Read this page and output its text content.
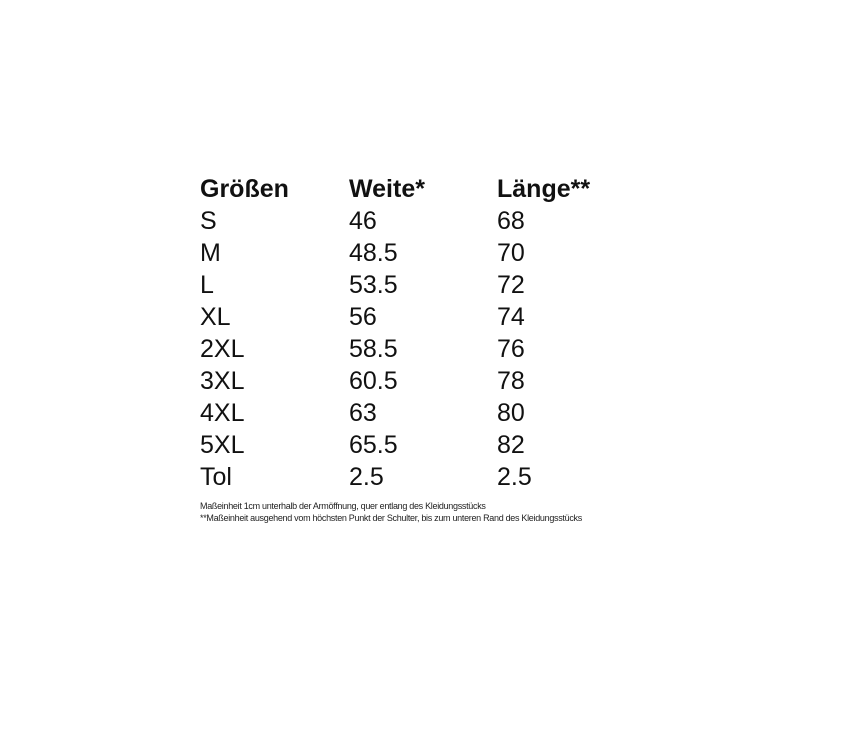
Größen	Weite*	Länge**
S	46	68
M	48.5	70
L	53.5	72
XL	56	74
2XL	58.5	76
3XL	60.5	78
4XL	63	80
5XL	65.5	82
Tol	2.5	2.5
Maßeinheit 1cm unterhalb der Armöffnung, quer entlang des Kleidungsstücks
**Maßeinheit ausgehend vom höchsten Punkt der Schulter, bis zum unteren Rand des Kleidungsstücks
